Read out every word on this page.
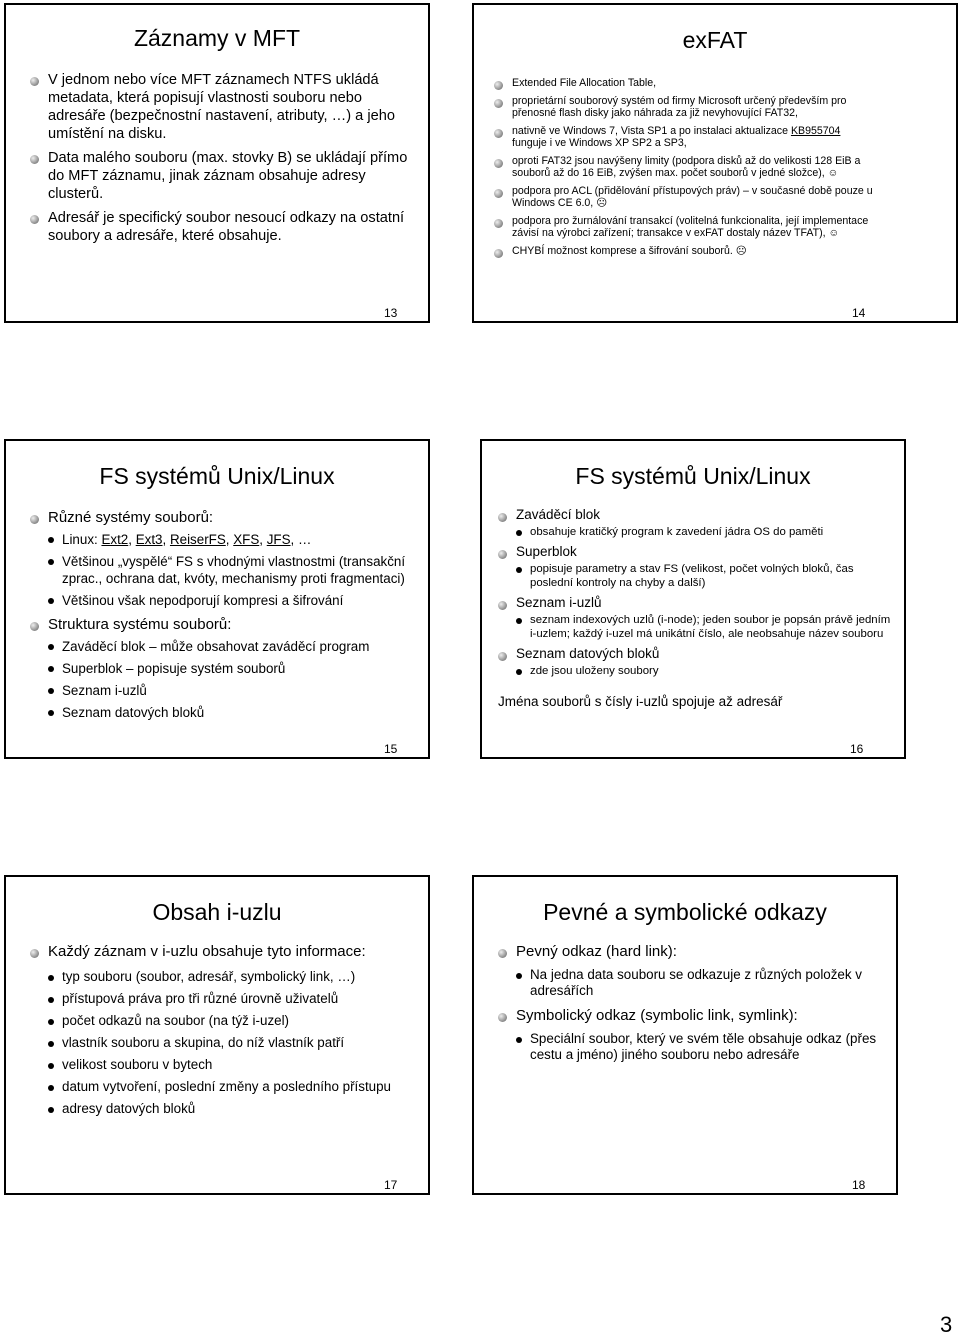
Záznamy v MFT
V jednom nebo více MFT záznamech NTFS ukládá metadata, která popisují vlastnosti souboru nebo adresáře (bezpečnostní nastavení, atributy, …) a jeho umístění na disku.
Data malého souboru (max. stovky B) se ukládají přímo do MFT záznamu, jinak záznam obsahuje adresy clusterů.
Adresář je specifický soubor nesoucí odkazy na ostatní soubory a adresáře, které obsahuje.
13
exFAT
Extended File Allocation Table,
proprietární souborový systém od firmy Microsoft určený především pro přenosné flash disky jako náhrada za již nevyhovující FAT32,
nativně ve Windows 7, Vista SP1 a po instalaci aktualizace KB955704 funguje i ve Windows XP SP2 a SP3,
oproti FAT32 jsou navýšeny limity (podpora disků až do velikosti 128 EiB a souborů až do 16 EiB, zvýšen max. počet souborů v jedné složce), ☺
podpora pro ACL (přidělování přístupových práv) – v současné době pouze u Windows CE 6.0, ☹
podpora pro žurnálování transakcí (volitelná funkcionalita, její implementace závisí na výrobci zařízení; transakce v exFAT dostaly název TFAT), ☺
CHYBÍ možnost komprese a šifrování souborů. ☹
14
FS systémů Unix/Linux
Různé systémy souborů:
Linux: Ext2, Ext3, ReiserFS, XFS, JFS, …
Většinou „vyspělé“ FS s vhodnými vlastnostmi (transakční zprac., ochrana dat, kvóty, mechanismy proti fragmentaci)
Většinou však nepodporují kompresi a šifrování
Struktura systému souborů:
Zaváděcí blok – může obsahovat zaváděcí program
Superblok – popisuje systém souborů
Seznam i-uzlů
Seznam datových bloků
15
FS systémů Unix/Linux
Zaváděcí blok
obsahuje kratičký program k zavedení jádra OS do paměti
Superblok
popisuje parametry a stav FS (velikost, počet volných bloků, čas poslední kontroly na chyby a další)
Seznam i-uzlů
seznam indexových uzlů (i-node); jeden soubor je popsán právě jedním i-uzlem; každý i-uzel má unikátní číslo, ale neobsahuje název souboru
Seznam datových bloků
zde jsou uloženy soubory
Jména souborů s čísly i-uzlů spojuje až adresář
16
Obsah i-uzlu
Každý záznam v i-uzlu obsahuje tyto informace:
typ souboru (soubor, adresář, symbolický link, …)
přístupová práva pro tři různé úrovně uživatelů
počet odkazů na soubor (na týž i-uzel)
vlastník souboru a skupina, do níž vlastník patří
velikost souboru v bytech
datum vytvoření, poslední změny a posledního přístupu
adresy datových bloků
17
Pevné a symbolické odkazy
Pevný odkaz (hard link):
Na jedna data souboru se odkazuje z různých položek v adresářích
Symbolický odkaz (symbolic link, symlink):
Speciální soubor, který ve svém těle obsahuje odkaz (přes cestu a jméno) jiného souboru nebo adresáře
18
3
